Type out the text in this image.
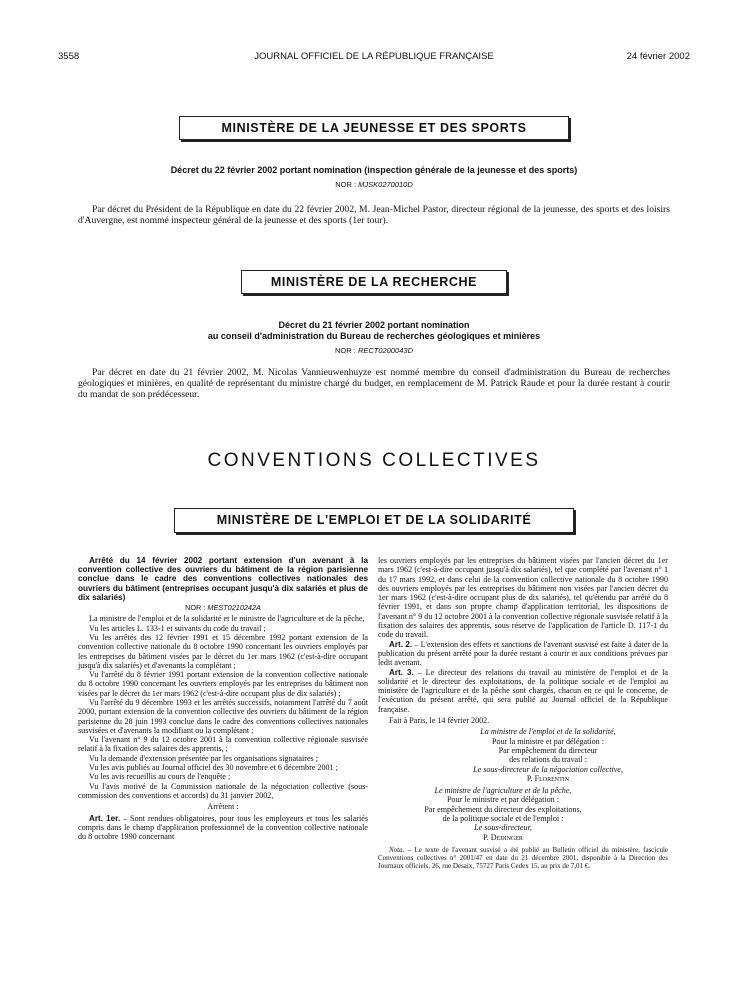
3558	JOURNAL OFFICIEL DE LA RÉPUBLIQUE FRANÇAISE	24 février 2002
MINISTÈRE DE LA JEUNESSE ET DES SPORTS
Décret du 22 février 2002 portant nomination (inspection générale de la jeunesse et des sports)
NOR : MJSK0270010D
Par décret du Président de la République en date du 22 février 2002, M. Jean-Michel Pastor, directeur régional de la jeunesse, des sports et des loisirs d'Auvergne, est nommé inspecteur général de la jeunesse et des sports (1er tour).
MINISTÈRE DE LA RECHERCHE
Décret du 21 février 2002 portant nomination
au conseil d'administration du Bureau de recherches géologiques et minières
NOR : RECT0200043D
Par décret en date du 21 février 2002, M. Nicolas Vannieuwenhuyze est nommé membre du conseil d'administration du Bureau de recherches géologiques et minières, en qualité de représentant du ministre chargé du budget, en remplacement de M. Patrick Raude et pour la durée restant à courir du mandat de son prédécesseur.
CONVENTIONS COLLECTIVES
MINISTÈRE DE L'EMPLOI ET DE LA SOLIDARITÉ
Arrêté du 14 février 2002 portant extension d'un avenant à la convention collective des ouvriers du bâtiment de la région parisienne conclue dans le cadre des conventions collectives nationales des ouvriers du bâtiment (entreprises occupant jusqu'à dix salariés et plus de dix salariés)
NOR : MEST0210242A

La ministre de l'emploi et de la solidarité et le ministre de l'agriculture et de la pêche,

Vu les articles L. 133-1 et suivants du code du travail ;

Vu les arrêtés des 12 février 1991 et 15 décembre 1992 portant extension de la convention collective nationale du 8 octobre 1990 concernant les ouvriers employés par les entreprises du bâtiment visées par le décret du 1er mars 1962 (c'est-à-dire occupant jusqu'à dix salariés) et d'avenants la complétant ;

Vu l'arrêté du 8 février 1991 portant extension de la convention collective nationale du 8 octobre 1990 concernant les ouvriers employés par les entreprises du bâtiment non visées par le décret du 1er mars 1962 (c'est-à-dire occupant plus de dix salariés) ;

Vu l'arrêté du 9 décembre 1993 et les arrêtés successifs, notamment l'arrêté du 7 août 2000, portant extension de la convention collective des ouvriers du bâtiment de la région parisienne du 28 juin 1993 conclue dans le cadre des conventions collectives nationales susvisées et d'avenants la modifiant ou la complétant ;

Vu l'avenant n° 9 du 12 octobre 2001 à la convention collective régionale susvisée relatif à la fixation des salaires des apprentis, ;

Vu la demande d'extension présentée par les organisations signataires ;

Vu les avis publiés au Journal officiel des 30 novembre et 6 décembre 2001 ;

Vu les avis recueillis au cours de l'enquête ;

Vu l'avis motivé de la Commission nationale de la négociation collective (sous-commission des conventions et accords) du 31 janvier 2002,

Arrêtent :

Art. 1er. – Sont rendues obligatoires, pour tous les employeurs et tous les salariés compris dans le champ d'application professionnel de la convention collective nationale du 8 octobre 1990 concernant

les ouvriers employés par les entreprises du bâtiment visées par l'ancien décret du 1er mars 1962 (c'est-à-dire occupant jusqu'à dix salariés), tel que complété par l'avenant n° 1 du 17 mars 1992, et dans celui de la convention collective nationale du 8 octobre 1990 des ouvriers employés par les entreprises du bâtiment non visées par l'ancien décret du 1er mars 1962 (c'est-à-dire occupant plus de dix salariés), tel qu'étendu par arrêté du 8 février 1991, et dans son propre champ d'application territorial, les dispositions de l'avenant n° 9 du 12 octobre 2001 à la convention collective régionale susvisée relatif à la fixation des salaires des apprentis, sous réserve de l'application de l'article D. 117-1 du code du travail.

Art. 2. – L'extension des effets et sanctions de l'avenant susvisé est faite à dater de la publication du présent arrêté pour la durée restant à courir et aux conditions prévues par ledit avenant.

Art. 3. – Le directeur des relations du travail au ministère de l'emploi et de la solidarité et le directeur des exploitations, de la politique sociale et de l'emploi au ministère de l'agriculture et de la pêche sont chargés, chacun en ce qui le concerne, de l'exécution du présent arrêté, qui sera publié au Journal officiel de la République française.

Fait à Paris, le 14 février 2002.

La ministre de l'emploi et de la solidarité,
Pour la ministre et par délégation :
Par empêchement du directeur
des relations du travail :
Le sous-directeur de la négociation collective,
P. Florentin
Le ministre de l'agriculture et de la pêche,
Pour le ministre et par délégation :
Par empêchement du directeur des exploitations,
de la politique sociale et de l'emploi :
Le sous-directeur,
P. Dedinger

Nota. – Le texte de l'avenant susvisé a été publié au Bulletin officiel du ministère, fascicule Conventions collectives n° 2001/47 en date du 21 décembre 2001, disponible à la Direction des Journaux officiels, 26, rue Desaix, 75727 Paris Cedex 15, au prix de 7,01 €.
